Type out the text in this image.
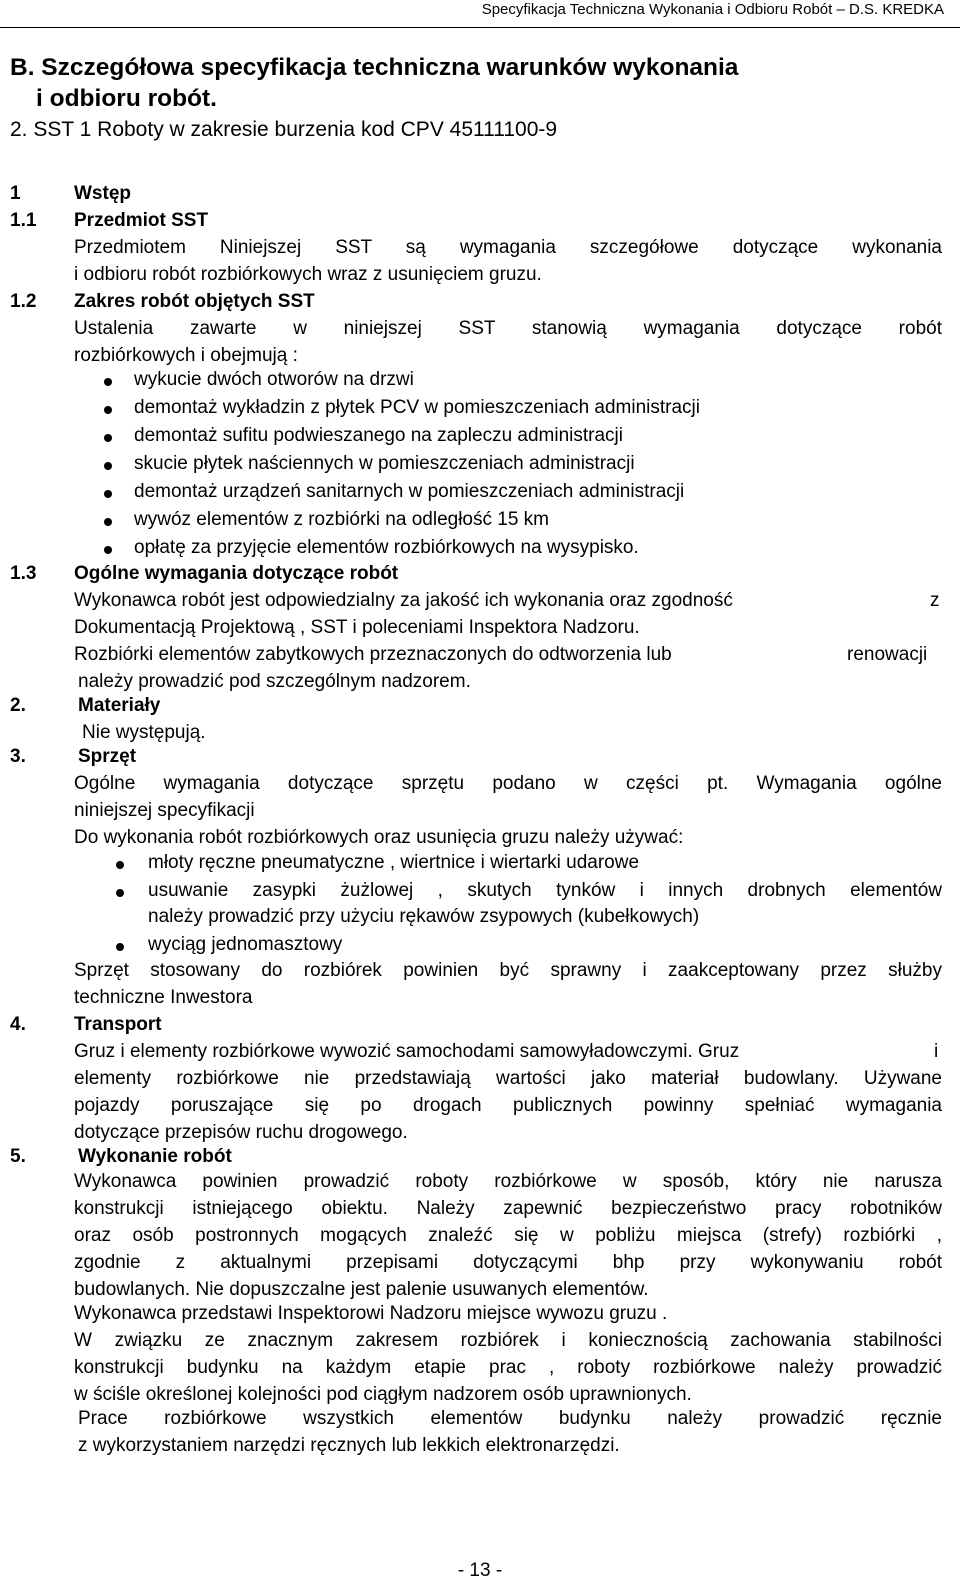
Specyfikacja Techniczna Wykonania i Odbioru Robót – D.S. KREDKA
B. Szczegółowa specyfikacja techniczna warunków wykonania
i odbioru robót.
2. SST 1 Roboty w zakresie burzenia kod CPV 45111100-9
1	Wstęp
1.1 Przedmiot SST
Przedmiotem Niniejszej SST są wymagania szczegółowe dotyczące wykonania
i odbioru robót rozbiórkowych wraz z usunięciem gruzu.
1.2 Zakres robót objętych SST
Ustalenia zawarte w niniejszej SST stanowią wymagania dotyczące robót
rozbiórkowych i obejmują :
wykucie dwóch otworów na drzwi
demontaż wykładzin z płytek PCV w pomieszczeniach administracji
demontaż sufitu podwieszanego na zapleczu administracji
skucie płytek naściennych w pomieszczeniach administracji
demontaż urządzeń sanitarnych w pomieszczeniach administracji
wywóz elementów z rozbiórki na odległość 15 km
opłatę za przyjęcie elementów rozbiórkowych na wysypisko.
1.3 Ogólne wymagania dotyczące robót
Wykonawca robót jest odpowiedzialny za jakość ich wykonania oraz zgodność	z
Dokumentacją Projektową , SST i poleceniami Inspektora Nadzoru.
Rozbiórki elementów zabytkowych przeznaczonych do odtworzenia lub	renowacji
należy prowadzić pod szczególnym nadzorem.
2.	Materiały
Nie występują.
3.	Sprzęt
Ogólne wymagania dotyczące sprzętu podano w części pt. Wymagania ogólne
niniejszej specyfikacji
Do wykonania robót rozbiórkowych oraz usunięcia gruzu należy używać:
młoty ręczne pneumatyczne , wiertnice i wiertarki udarowe
usuwanie zasypki żużlowej , skutych tynków i innych drobnych elementów
należy prowadzić przy użyciu rękawów zsypowych (kubełkowych)
wyciąg jednomasztowy
Sprzęt stosowany do rozbiórek powinien być sprawny i zaakceptowany przez służby
techniczne Inwestora
4.	Transport
Gruz i elementy rozbiórkowe wywozić samochodami samowyładowczymi. Gruz	i
elementy rozbiórkowe nie przedstawiają wartości jako materiał budowlany. Używane
pojazdy poruszające się po drogach publicznych powinny spełniać wymagania
dotyczące przepisów ruchu drogowego.
5.	Wykonanie robót
Wykonawca powinien prowadzić roboty rozbiórkowe w sposób, który nie narusza
konstrukcji istniejącego obiektu. Należy zapewnić bezpieczeństwo pracy robotników
oraz osób postronnych mogących znaleźć się w pobliżu miejsca (strefy) rozbiórki ,
zgodnie z aktualnymi przepisami dotyczącymi bhp przy wykonywaniu robót
budowlanych. Nie dopuszczalne jest palenie usuwanych elementów.
Wykonawca przedstawi Inspektorowi Nadzoru miejsce wywozu gruzu .
W związku ze znacznym zakresem rozbiórek i koniecznością zachowania stabilności
konstrukcji budynku na każdym etapie prac , roboty rozbiórkowe należy prowadzić
w ściśle określonej kolejności pod ciągłym nadzorem osób uprawnionych.
Prace rozbiórkowe wszystkich elementów budynku należy prowadzić ręcznie
z wykorzystaniem narzędzi ręcznych lub lekkich elektronarzędzi.
- 13 -
